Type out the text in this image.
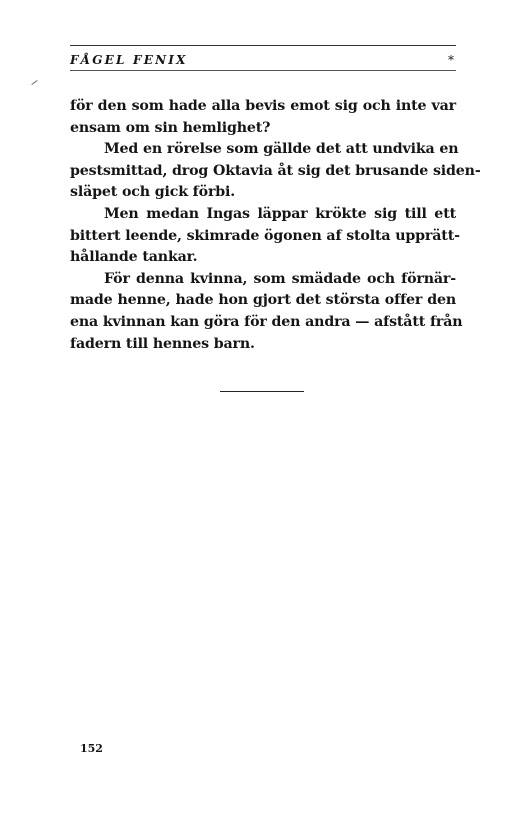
FÅGEL FENIX	*
för den som hade alla bevis emot sig och inte var
ensam om sin hemlighet?
Med en rörelse som gällde det att undvika en
pestsmittad, drog Oktavia åt sig det brusande siden-
släpet och gick förbi.
Men medan Ingas läppar krökte sig till ett
bittert leende, skimrade ögonen af stolta upprätt-
hållande tankar.
För denna kvinna, som smädade och förnär-
made henne, hade hon gjort det största offer den
ena kvinnan kan göra för den andra — afstått från
fadern till hennes barn.
152
